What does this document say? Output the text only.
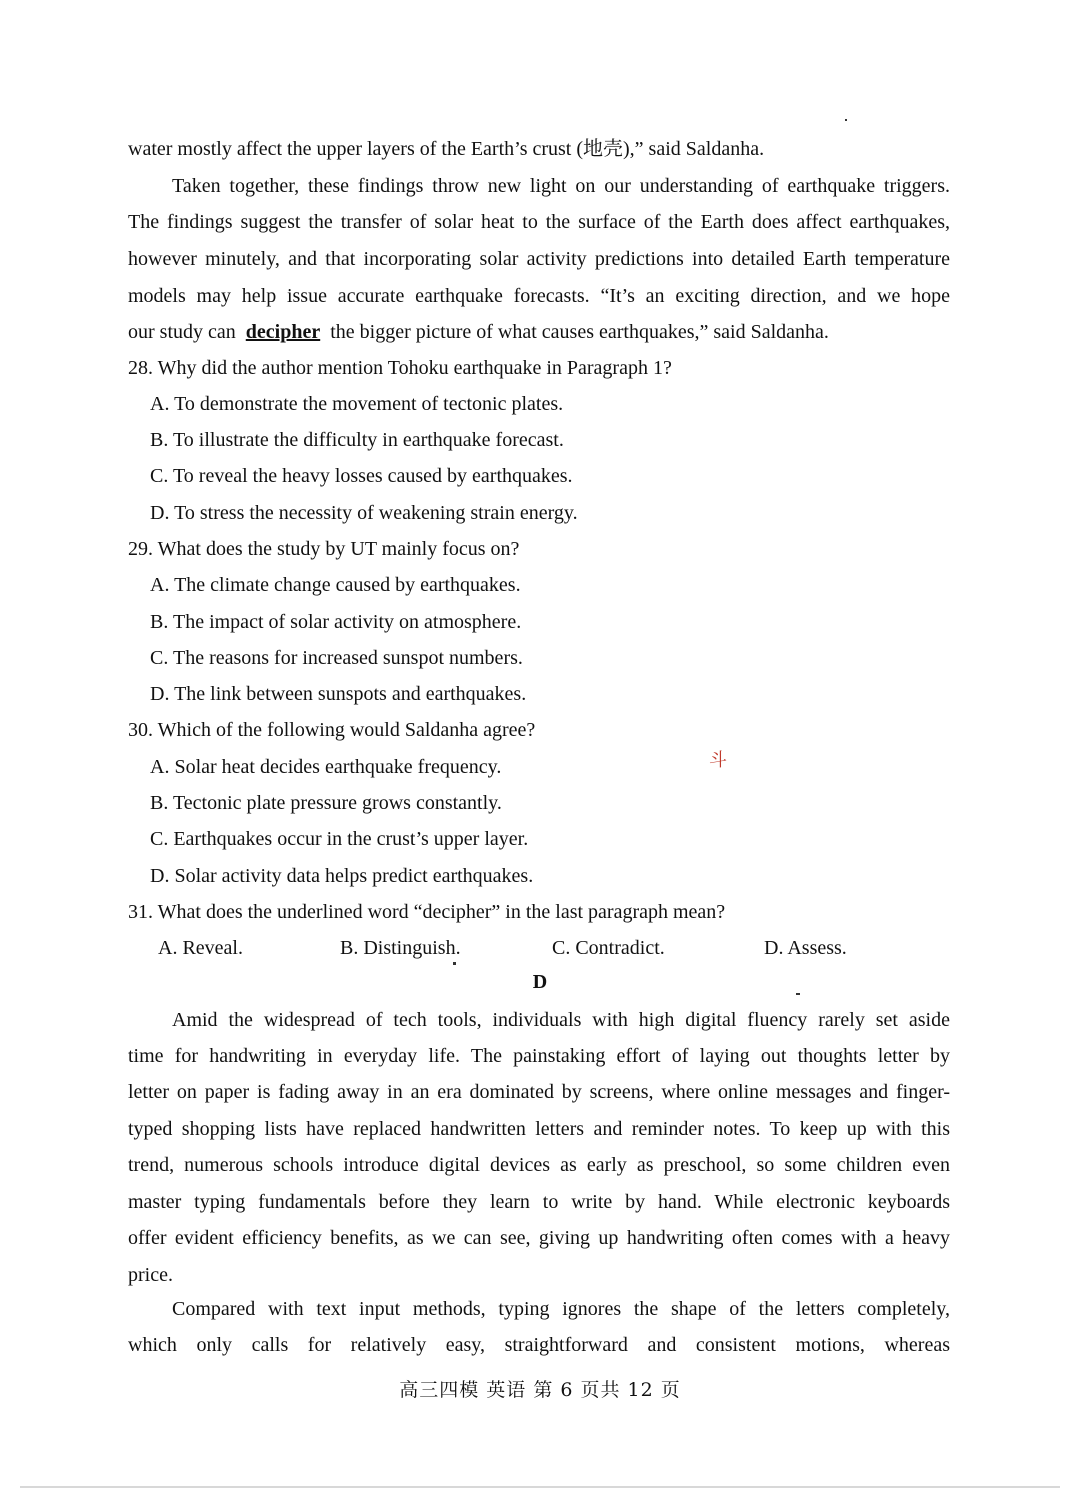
water mostly affect the upper layers of the Earth’s crust (地壳),” said Saldanha.
Taken together, these findings throw new light on our understanding of earthquake triggers.
The findings suggest the transfer of solar heat to the surface of the Earth does affect earthquakes,
however minutely, and that incorporating solar activity predictions into detailed Earth temperature
models may help issue accurate earthquake forecasts. “It’s an exciting direction, and we hope
our study can decipher the bigger picture of what causes earthquakes,” said Saldanha.
28. Why did the author mention Tohoku earthquake in Paragraph 1?
A. To demonstrate the movement of tectonic plates.
B. To illustrate the difficulty in earthquake forecast.
C. To reveal the heavy losses caused by earthquakes.
D. To stress the necessity of weakening strain energy.
29. What does the study by UT mainly focus on?
A. The climate change caused by earthquakes.
B. The impact of solar activity on atmosphere.
C. The reasons for increased sunspot numbers.
D. The link between sunspots and earthquakes.
30. Which of the following would Saldanha agree?
A. Solar heat decides earthquake frequency.
B. Tectonic plate pressure grows constantly.
C. Earthquakes occur in the crust’s upper layer.
D. Solar activity data helps predict earthquakes.
31. What does the underlined word “decipher” in the last paragraph mean?
A. Reveal.	B. Distinguish.	C. Contradict.	D. Assess.
D
Amid the widespread of tech tools, individuals with high digital fluency rarely set aside
time for handwriting in everyday life. The painstaking effort of laying out thoughts letter by
letter on paper is fading away in an era dominated by screens, where online messages and finger-
typed shopping lists have replaced handwritten letters and reminder notes. To keep up with this
trend, numerous schools introduce digital devices as early as preschool, so some children even
master typing fundamentals before they learn to write by hand. While electronic keyboards
offer evident efficiency benefits, as we can see, giving up handwriting often comes with a heavy
price.
Compared with text input methods, typing ignores the shape of the letters completely,
which only calls for relatively easy, straightforward and consistent motions, whereas
高三四模 英语 第 6 页共 12 页
斗
